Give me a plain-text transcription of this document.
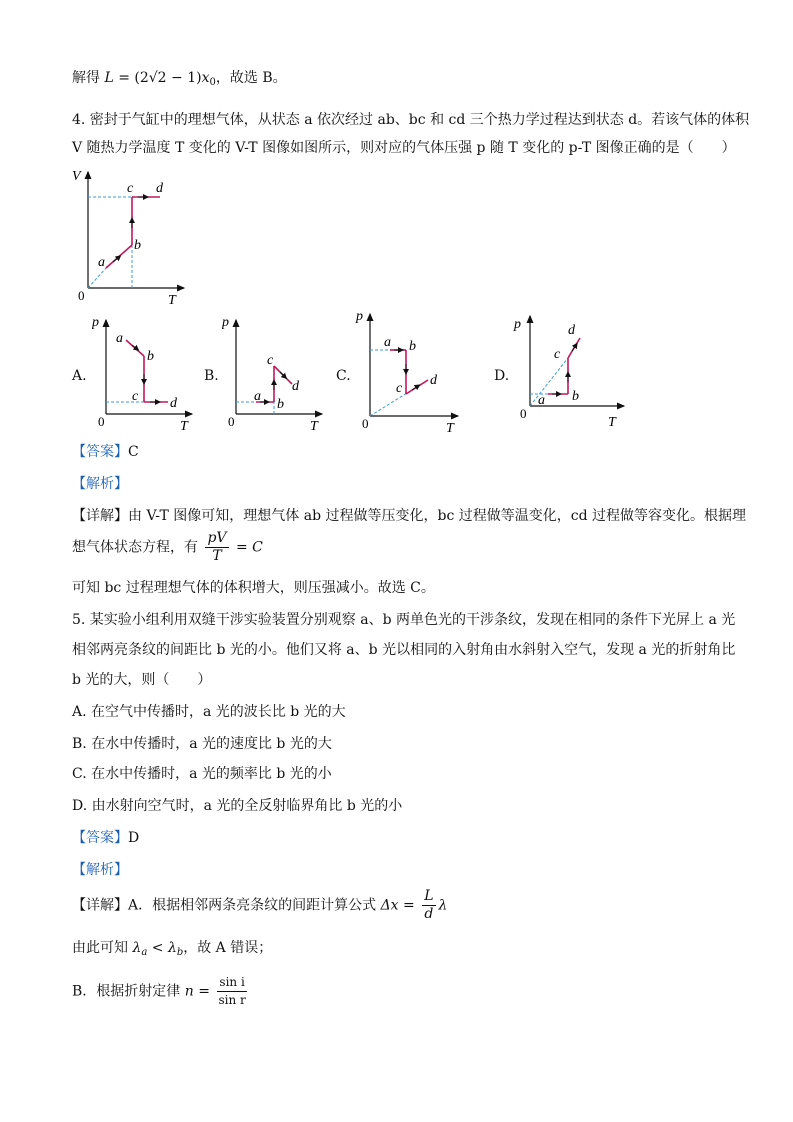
解得 $L = (2√2 - 1)x_0$，故选 B。
4. 密封于气缸中的理想气体，从状态 a 依次经过 ab、bc 和 cd 三个热力学过程达到状态 d。若该气体的体积
V 随热力学温度 T 变化的 V-T 图像如图所示，则对应的气体压强 p 随 T 变化的 p-T 图像正确的是（　　）
V
T
0
a
b
c d
A.
p
T
0
a
b
c d
B.
p
T
0
a
b
c
d
C.
p
T
0
a b
c
d	D.
p
T
0
a b
c
d
【答案】C
【解析】
【详解】由 V-T 图像可知，理想气体 ab 过程做等压变化，bc 过程做等温变化，cd 过程做等容变化。根据理
想气体状态方程，有 $\frac{pV}{T} = C$
可知 bc 过程理想气体的体积增大，则压强减小。故选 C。
5. 某实验小组利用双缝干涉实验装置分别观察 a、b 两单色光的干涉条纹，发现在相同的条件下光屏上 a 光
相邻两亮条纹的间距比 b 光的小。他们又将 a、b 光以相同的入射角由水斜射入空气，发现 a 光的折射角比
b 光的大，则（　　）
A. 在空气中传播时，a 光的波长比 b 光的大
B. 在水中传播时，a 光的速度比 b 光的大
C. 在水中传播时，a 光的频率比 b 光的小
D. 由水射向空气时，a 光的全反射临界角比 b 光的小
【答案】D
【解析】
【详解】A．根据相邻两条亮条纹的间距计算公式 $\Delta x = \frac{L}{d}$ λ
由此可知 $\lambda_a < \lambda_b$，故 A 错误；
B．根据折射定律 $n = \frac{\text{sin i}}{\text{sin r}}$
